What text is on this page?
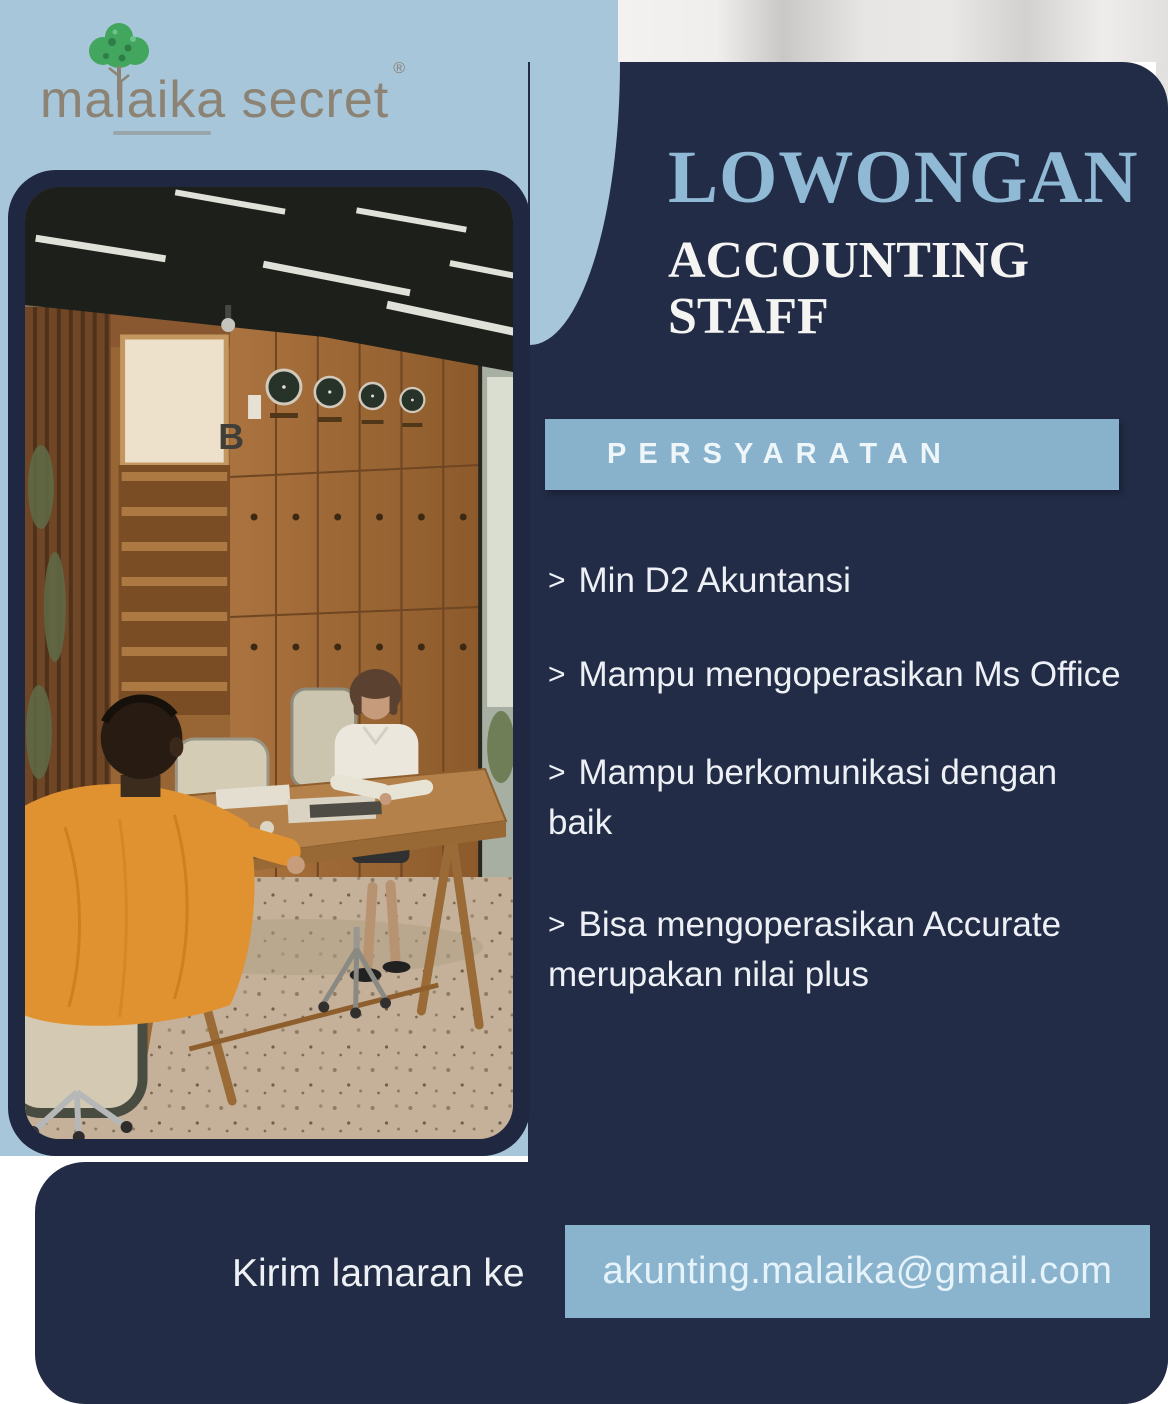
malaika secret®
LOWONGAN
ACCOUNTING
STAFF
PERSYARATAN

> Min D2 Akuntansi

> Mampu mengoperasikan Ms Office

> Mampu berkomunikasi dengan baik

> Bisa mengoperasikan Accurate merupakan nilai plus

B
Kirim lamaran ke akunting.malaika@gmail.com
